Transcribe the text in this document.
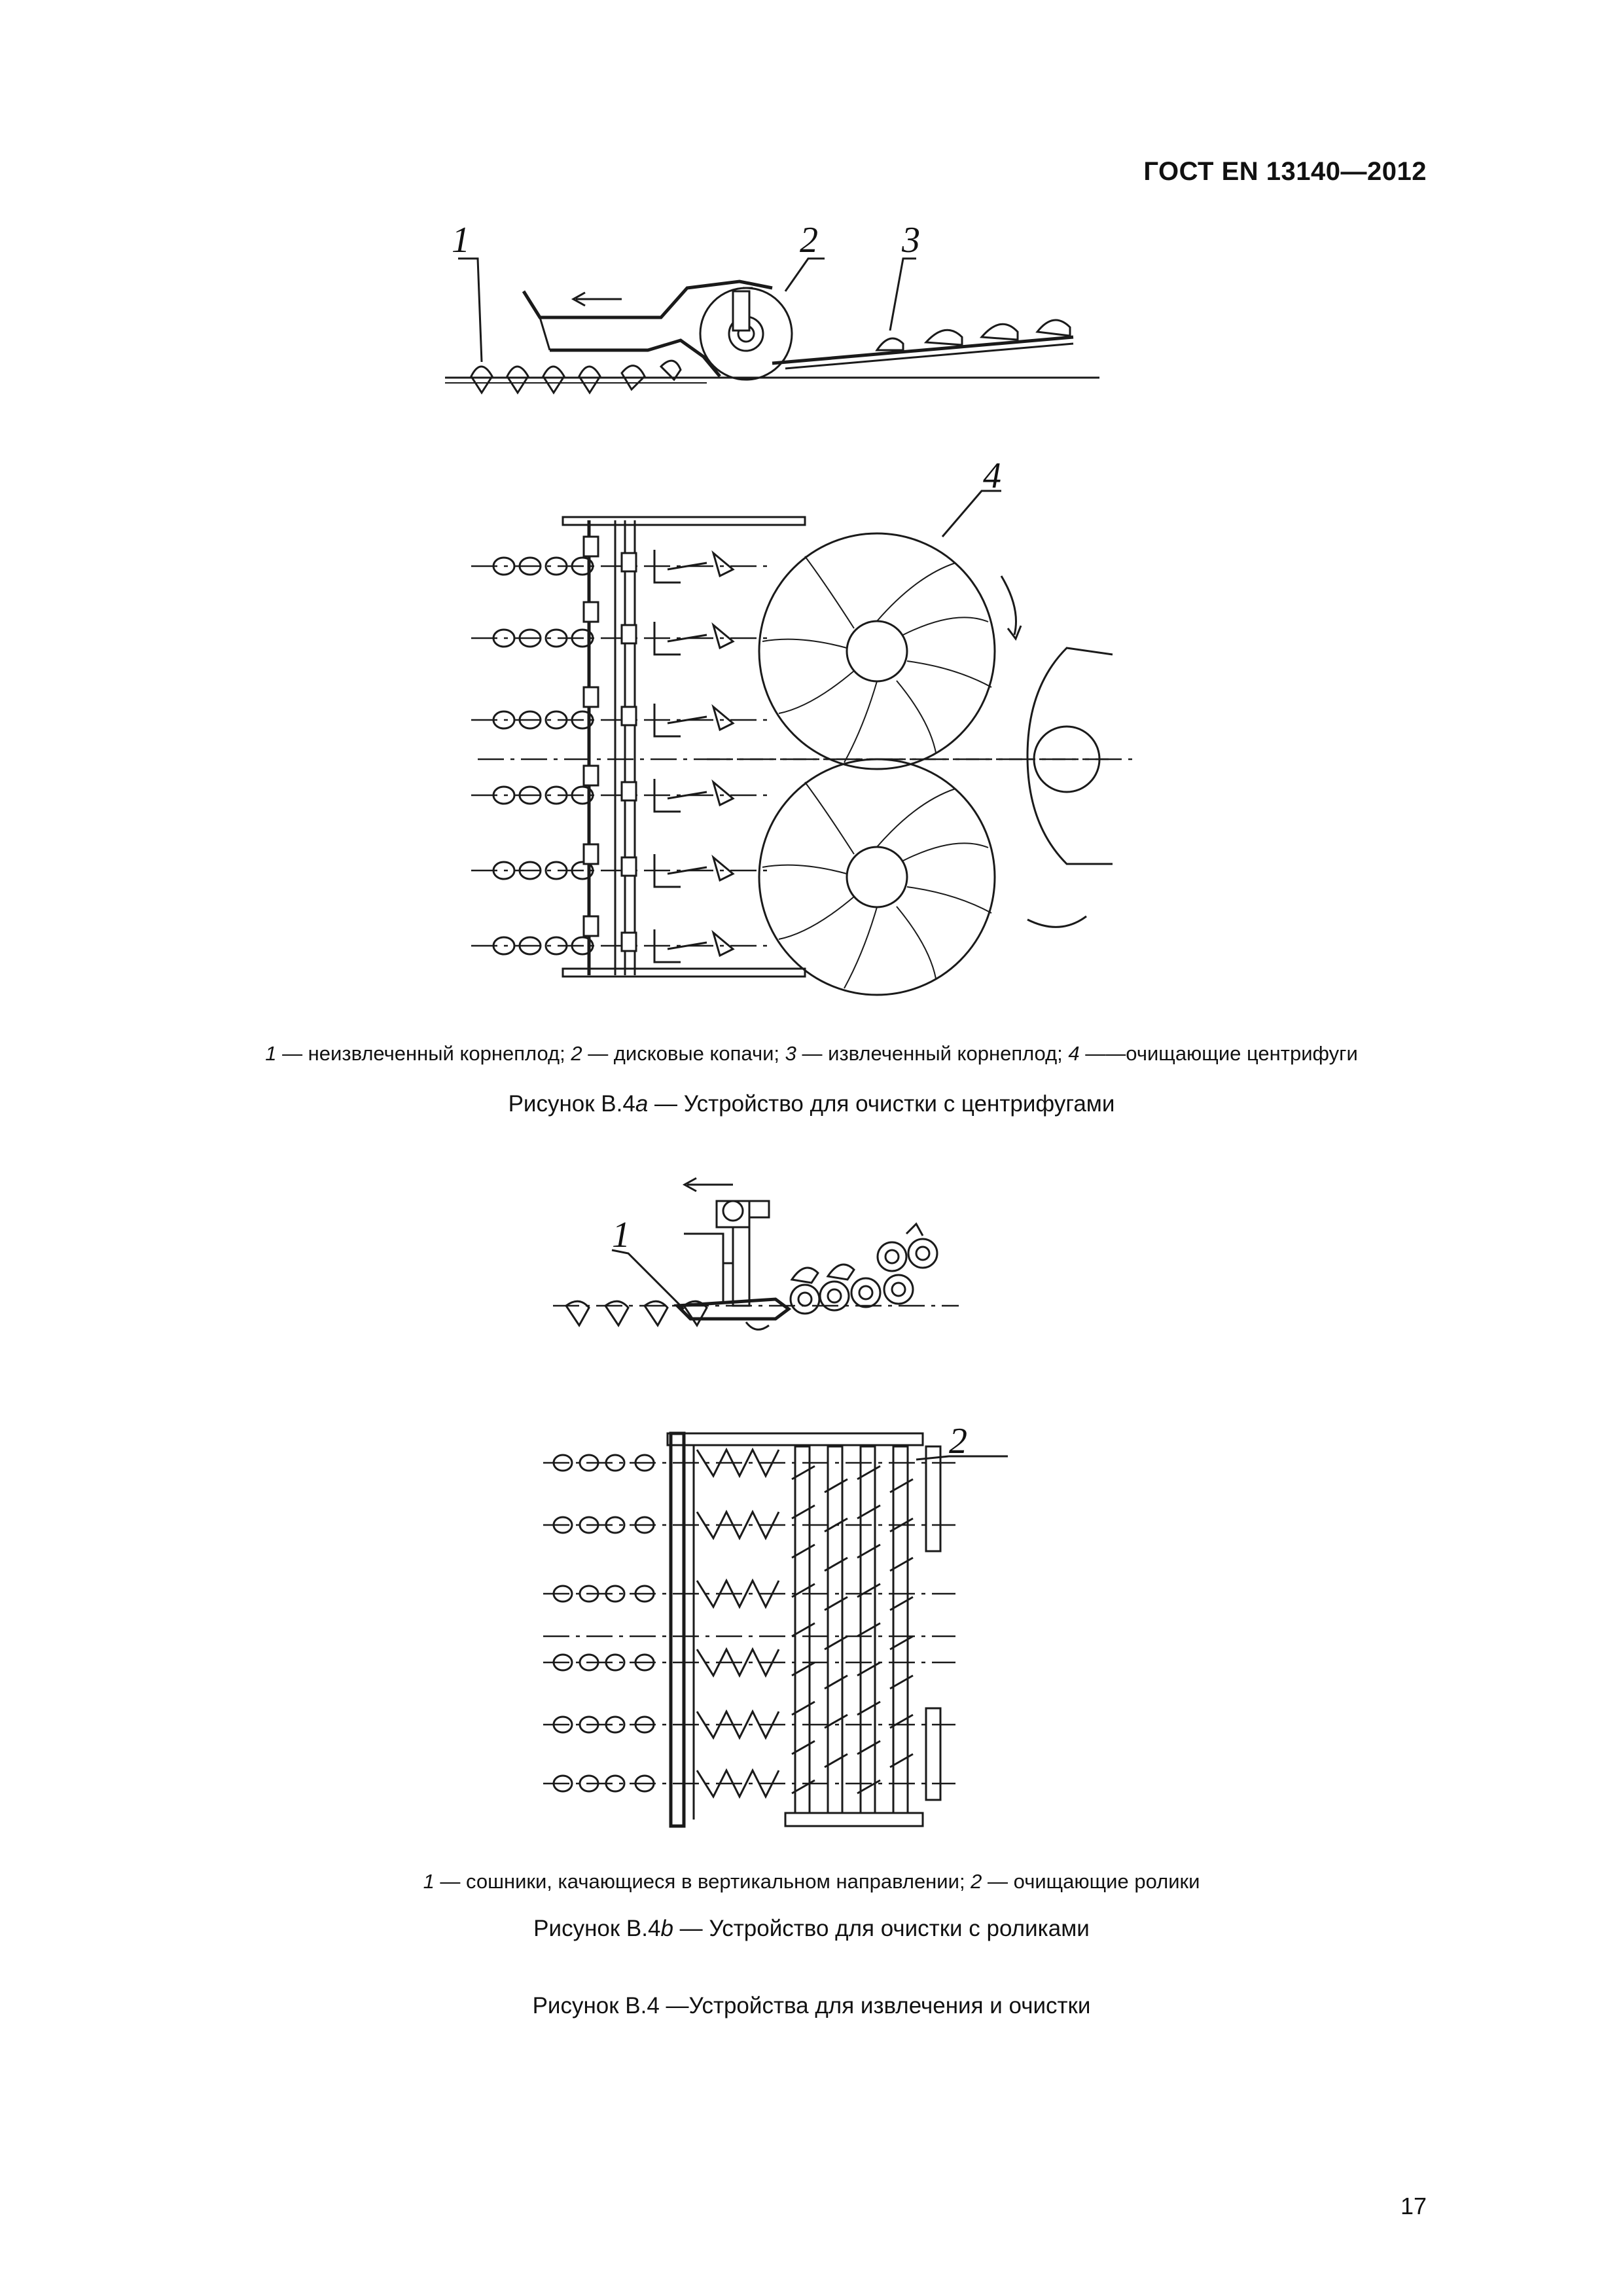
ГОСТ EN 13140—2012
1	2 3
4
1 — неизвлеченный корнеплод; 2 — дисковые копачи; 3 — извлеченный корнеплод; 4 ——очищающие центрифуги
Рисунок В.4а — Устройство для очистки с центрифугами
1
2
1 — сошники, качающиеся в вертикальном направлении; 2 — очищающие ролики
Рисунок В.4b — Устройство для очистки с роликами
Рисунок В.4 —Устройства для извлечения и очистки
17
